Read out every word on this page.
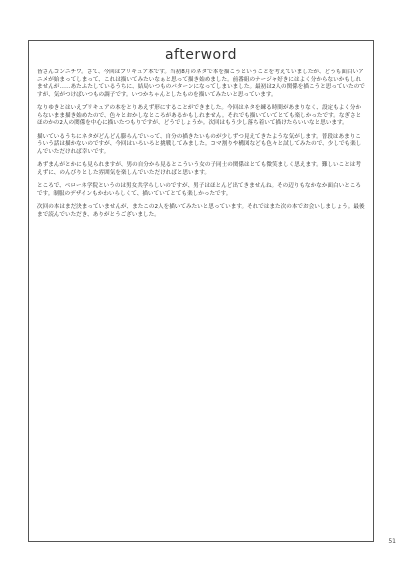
afterword

皆さんコンニチワ。さて、今回はプリキュア本です。当初8月のネタで本を描こうということを考えていましたが、どうも面白いアニメが始まってしまって、これは描いてみたいなぁと思って描き始めました。前番組のナージャ好きにはよく分からないかもしれませんが……あたふたしているうちに、結局いつものパターンになってしまいました。最初は2人の関係を描こうと思っていたのですが、気がつけばいつもの調子です。いつかちゃんとしたものを描いてみたいと思っています。

なりゆきとはいえプリキュアの本をとりあえず形にすることができました。今回はネタを練る時間があまりなく、設定もよく分からないまま描き始めたので、色々とおかしなところがあるかもしれません。それでも描いていてとても楽しかったです。なぎさとほのかの2人の関係を中心に描いたつもりですが、どうでしょうか。次回はもう少し落ち着いて描けたらいいなと思います。

描いているうちにネタがどんどん膨らんでいって、自分の描きたいものが少しずつ見えてきたような気がします。普段はあまりこういう話は描かないのですが、今回はいろいろと挑戦してみました。コマ割りや構図なども色々と試してみたので、少しでも楽しんでいただければ幸いです。

あずまんがとかにも見られますが、男の自分から見るとこういう女の子同士の関係はとても微笑ましく思えます。難しいことは考えずに、のんびりとした雰囲気を楽しんでいただければと思います。

ところで、ベローネ学院というのは男女共学らしいのですが、男子はほとんど出てきませんね。その辺りもなかなか面白いところです。制服のデザインもかわいらしくて、描いていてとても楽しかったです。

次回の本はまだ決まっていませんが、またこの2人を描いてみたいと思っています。それではまた次の本でお会いしましょう。最後まで読んでいただき、ありがとうございました。

51
